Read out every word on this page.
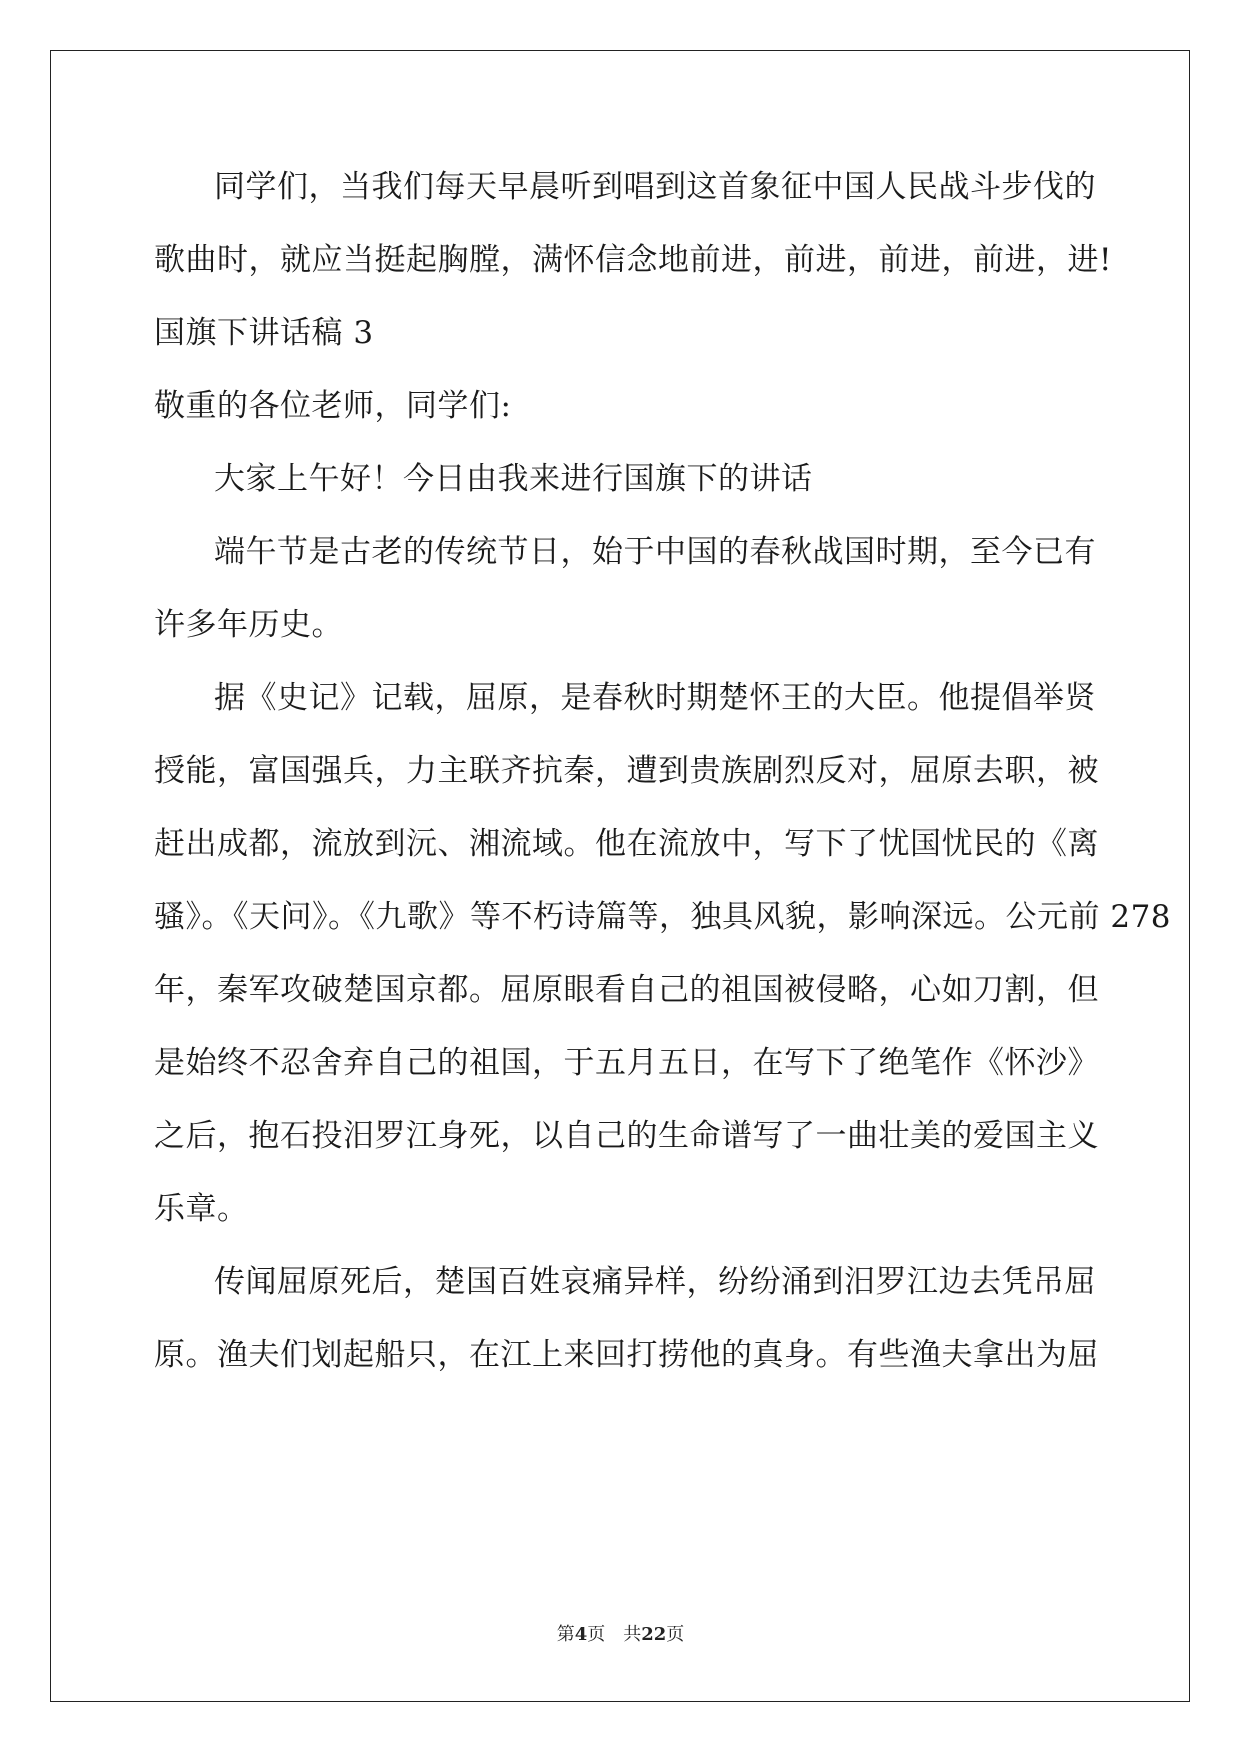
同学们，当我们每天早晨听到唱到这首象征中国人民战斗步伐的
歌曲时，就应当挺起胸膛，满怀信念地前进，前进，前进，前进，进!
国旗下讲话稿 3
敬重的各位老师，同学们:
大家上午好！今日由我来进行国旗下的讲话
端午节是古老的传统节日，始于中国的春秋战国时期，至今已有
许多年历史。
据《史记》记载，屈原，是春秋时期楚怀王的大臣。他提倡举贤
授能，富国强兵，力主联齐抗秦，遭到贵族剧烈反对，屈原去职，被
赶出成都，流放到沅、湘流域。他在流放中，写下了忧国忧民的《离
骚》。《天问》。《九歌》等不朽诗篇等，独具风貌，影响深远。公元前 278
年，秦军攻破楚国京都。屈原眼看自己的祖国被侵略，心如刀割，但
是始终不忍舍弃自己的祖国，于五月五日，在写下了绝笔作《怀沙》
之后，抱石投汨罗江身死，以自己的生命谱写了一曲壮美的爱国主义
乐章。
传闻屈原死后，楚国百姓哀痛异样，纷纷涌到汨罗江边去凭吊屈
原。渔夫们划起船只，在江上来回打捞他的真身。有些渔夫拿出为屈
第4页　共22页
